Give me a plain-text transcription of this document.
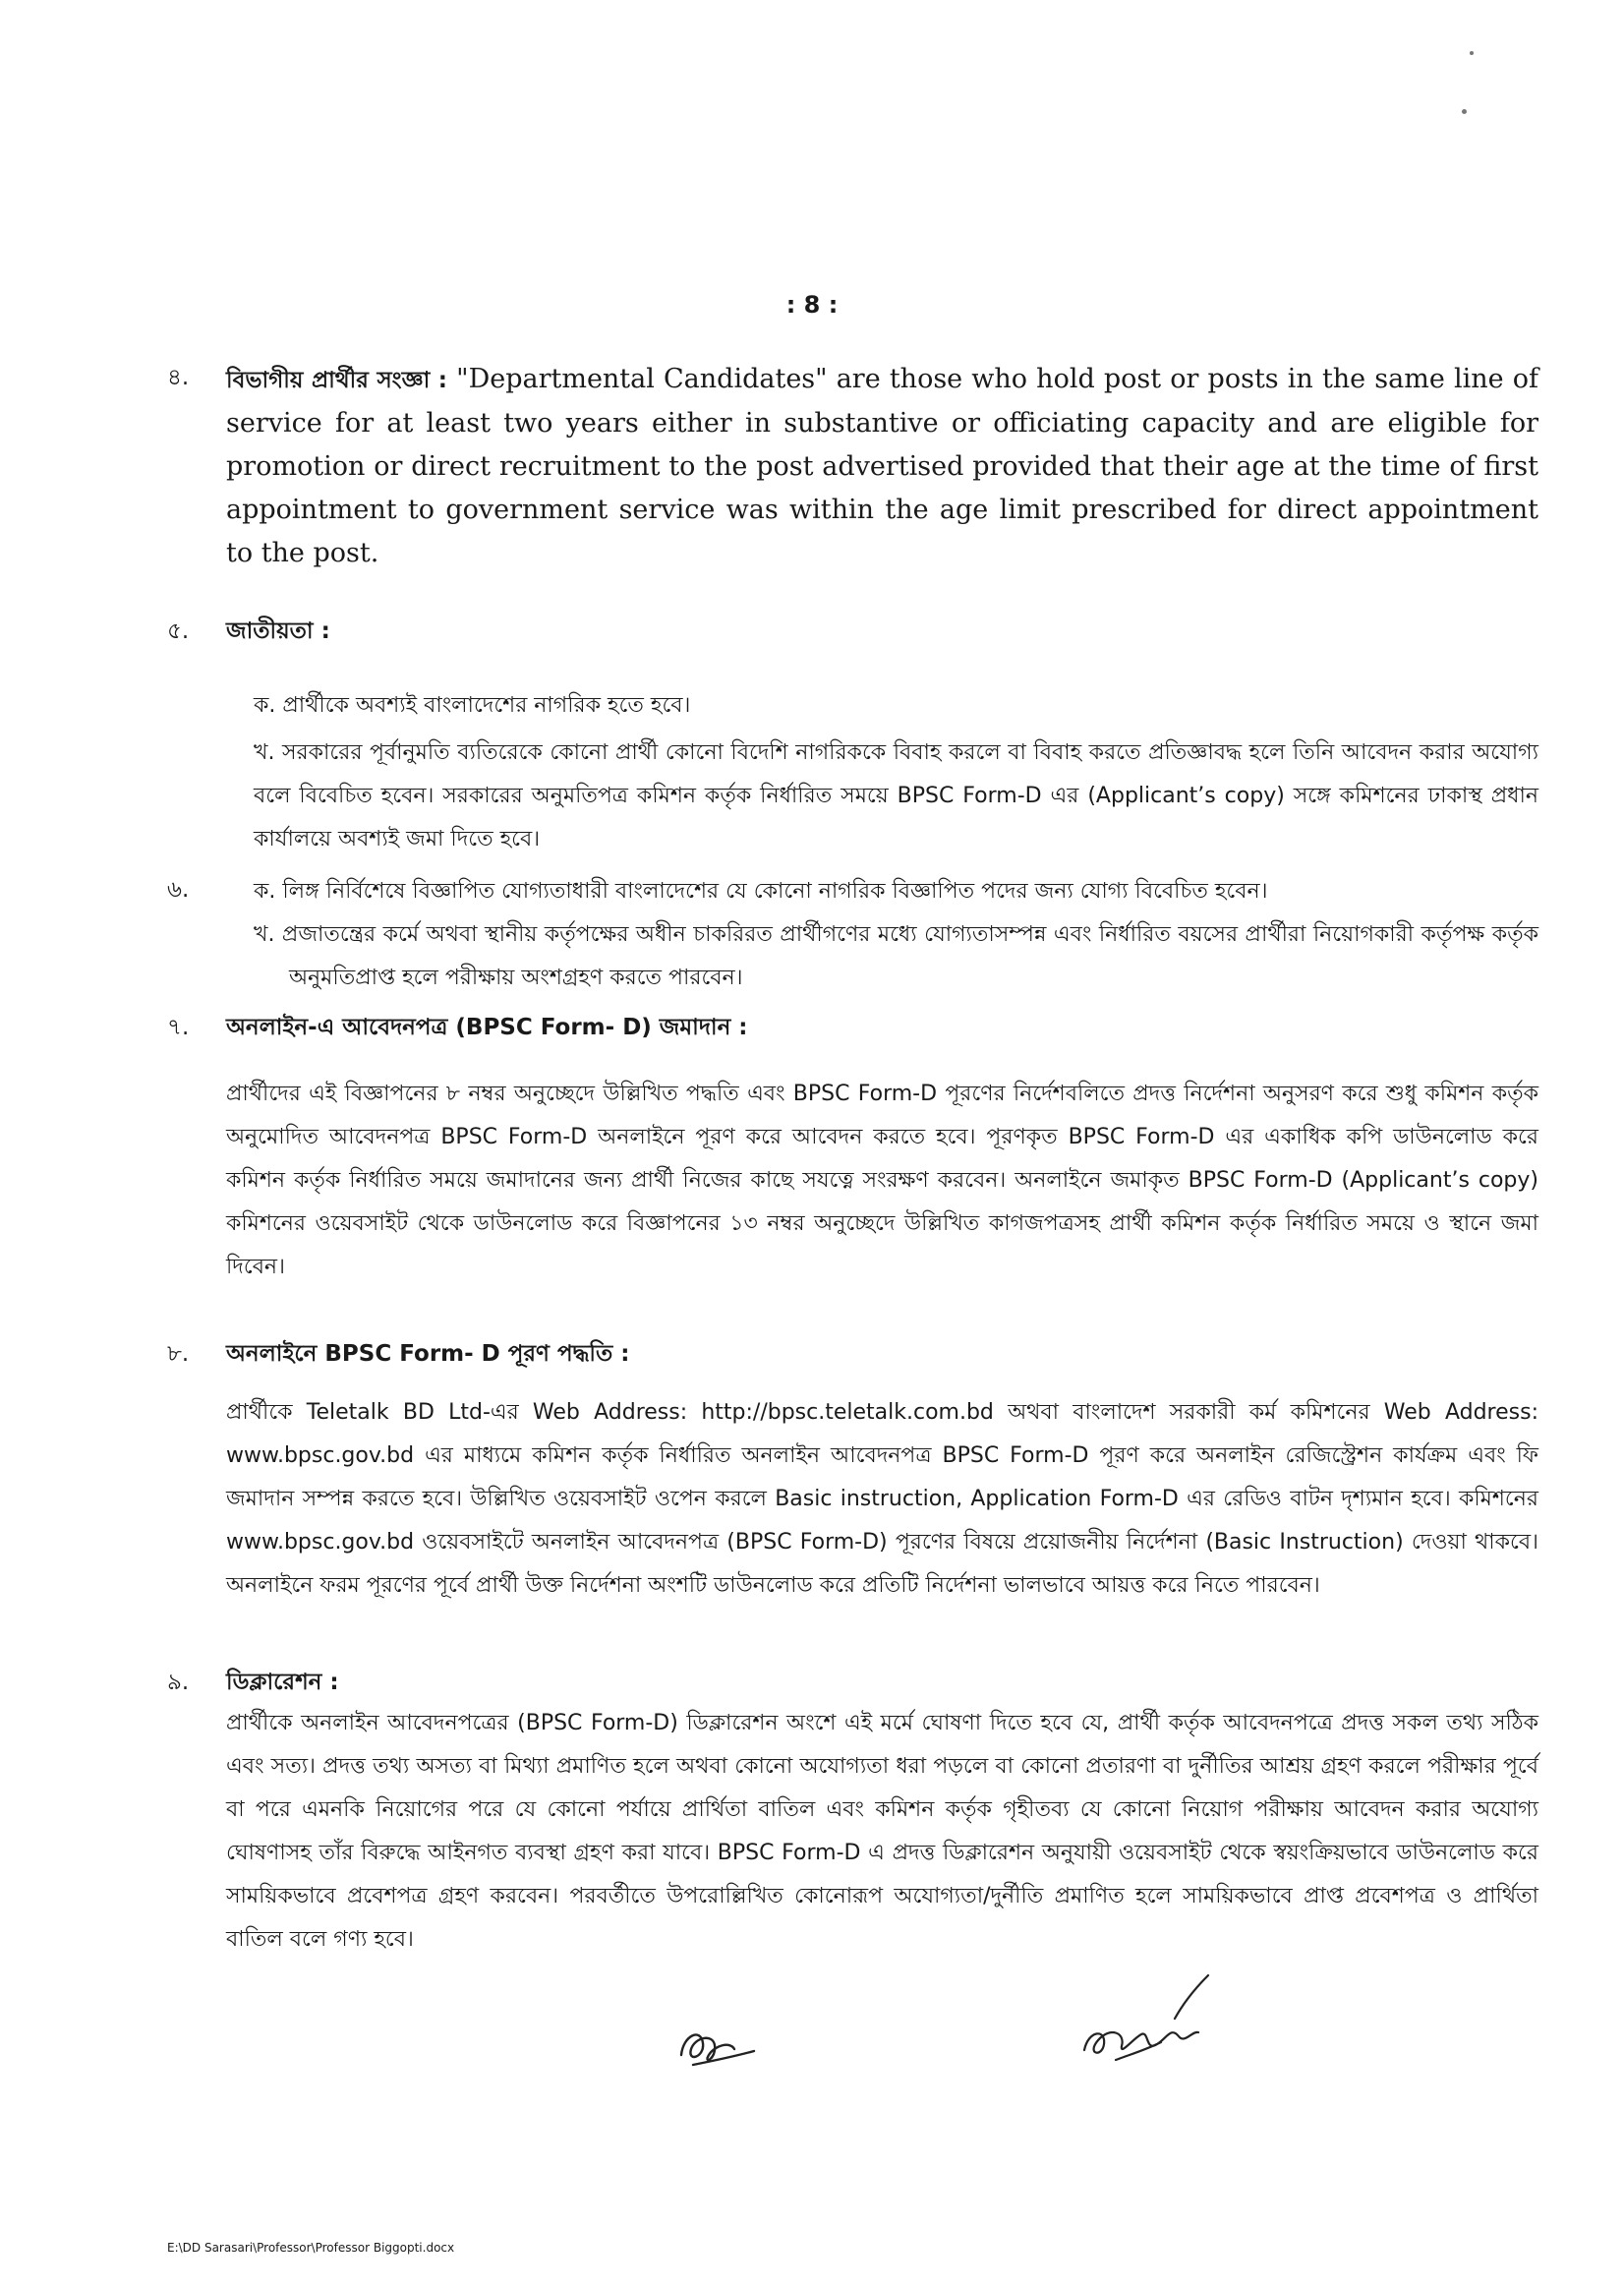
: 8 :
৪.	বিভাগীয় প্রার্থীর সংজ্ঞা : "Departmental Candidates" are those who hold post or posts in the same line of service for at least two years either in substantive or officiating capacity and are eligible for promotion or direct recruitment to the post advertised provided that their age at the time of first appointment to government service was within the age limit prescribed for direct appointment to the post.
৫.	জাতীয়তা :
ক. প্রার্থীকে অবশ্যই বাংলাদেশের নাগরিক হতে হবে।
খ. সরকারের পূর্বানুমতি ব্যতিরেকে কোনো প্রার্থী কোনো বিদেশি নাগরিককে বিবাহ করলে বা বিবাহ করতে প্রতিজ্ঞাবদ্ধ হলে তিনি আবেদন করার অযোগ্য বলে বিবেচিত হবেন। সরকারের অনুমতিপত্র কমিশন কর্তৃক নির্ধারিত সময়ে BPSC Form-D এর (Applicant’s copy) সঙ্গে কমিশনের ঢাকাস্থ প্রধান কার্যালয়ে অবশ্যই জমা দিতে হবে।
৬.	ক. লিঙ্গ নির্বিশেষে বিজ্ঞাপিত যোগ্যতাধারী বাংলাদেশের যে কোনো নাগরিক বিজ্ঞাপিত পদের জন্য যোগ্য বিবেচিত হবেন।
খ. প্রজাতন্ত্রের কর্মে অথবা স্থানীয় কর্তৃপক্ষের অধীন চাকরিরত প্রার্থীগণের মধ্যে যোগ্যতাসম্পন্ন এবং নির্ধারিত বয়সের প্রার্থীরা নিয়োগকারী কর্তৃপক্ষ কর্তৃক অনুমতিপ্রাপ্ত হলে পরীক্ষায় অংশগ্রহণ করতে পারবেন।
৭.	অনলাইন-এ আবেদনপত্র (BPSC Form- D) জমাদান :
প্রার্থীদের এই বিজ্ঞাপনের ৮ নম্বর অনুচ্ছেদে উল্লিখিত পদ্ধতি এবং BPSC Form-D পূরণের নির্দেশবলিতে প্রদত্ত নির্দেশনা অনুসরণ করে শুধু কমিশন কর্তৃক অনুমোদিত আবেদনপত্র BPSC Form-D অনলাইনে পূরণ করে আবেদন করতে হবে। পূরণকৃত BPSC Form-D এর একাধিক কপি ডাউনলোড করে কমিশন কর্তৃক নির্ধারিত সময়ে জমাদানের জন্য প্রার্থী নিজের কাছে সযত্নে সংরক্ষণ করবেন। অনলাইনে জমাকৃত BPSC Form-D (Applicant’s copy) কমিশনের ওয়েবসাইট থেকে ডাউনলোড করে বিজ্ঞাপনের ১৩ নম্বর অনুচ্ছেদে উল্লিখিত কাগজপত্রসহ প্রার্থী কমিশন কর্তৃক নির্ধারিত সময়ে ও স্থানে জমা দিবেন।
৮.	অনলাইনে BPSC Form- D পূরণ পদ্ধতি :
প্রার্থীকে Teletalk BD Ltd-এর Web Address: http://bpsc.teletalk.com.bd অথবা বাংলাদেশ সরকারী কর্ম কমিশনের Web Address: www.bpsc.gov.bd এর মাধ্যমে কমিশন কর্তৃক নির্ধারিত অনলাইন আবেদনপত্র BPSC Form-D পূরণ করে অনলাইন রেজিস্ট্রেশন কার্যক্রম এবং ফি জমাদান সম্পন্ন করতে হবে। উল্লিখিত ওয়েবসাইট ওপেন করলে Basic instruction, Application Form-D এর রেডিও বাটন দৃশ্যমান হবে। কমিশনের www.bpsc.gov.bd ওয়েবসাইটে অনলাইন আবেদনপত্র (BPSC Form-D) পূরণের বিষয়ে প্রয়োজনীয় নির্দেশনা (Basic Instruction) দেওয়া থাকবে। অনলাইনে ফরম পূরণের পূর্বে প্রার্থী উক্ত নির্দেশনা অংশটি ডাউনলোড করে প্রতিটি নির্দেশনা ভালভাবে আয়ত্ত করে নিতে পারবেন।
৯.	ডিক্লারেশন :
প্রার্থীকে অনলাইন আবেদনপত্রের (BPSC Form-D) ডিক্লারেশন অংশে এই মর্মে ঘোষণা দিতে হবে যে, প্রার্থী কর্তৃক আবেদনপত্রে প্রদত্ত সকল তথ্য সঠিক এবং সত্য। প্রদত্ত তথ্য অসত্য বা মিথ্যা প্রমাণিত হলে অথবা কোনো অযোগ্যতা ধরা পড়লে বা কোনো প্রতারণা বা দুর্নীতির আশ্রয় গ্রহণ করলে পরীক্ষার পূর্বে বা পরে এমনকি নিয়োগের পরে যে কোনো পর্যায়ে প্রার্থিতা বাতিল এবং কমিশন কর্তৃক গৃহীতব্য যে কোনো নিয়োগ পরীক্ষায় আবেদন করার অযোগ্য ঘোষণাসহ তাঁর বিরুদ্ধে আইনগত ব্যবস্থা গ্রহণ করা যাবে। BPSC Form-D এ প্রদত্ত ডিক্লারেশন অনুযায়ী ওয়েবসাইট থেকে স্বয়ংক্রিয়ভাবে ডাউনলোড করে সাময়িকভাবে প্রবেশপত্র গ্রহণ করবেন। পরবর্তীতে উপরোল্লিখিত কোনোরূপ অযোগ্যতা/দুর্নীতি প্রমাণিত হলে সাময়িকভাবে প্রাপ্ত প্রবেশপত্র ও প্রার্থিতা বাতিল বলে গণ্য হবে।
E:\DD Sarasari\Professor\Professor Biggopti.docx
